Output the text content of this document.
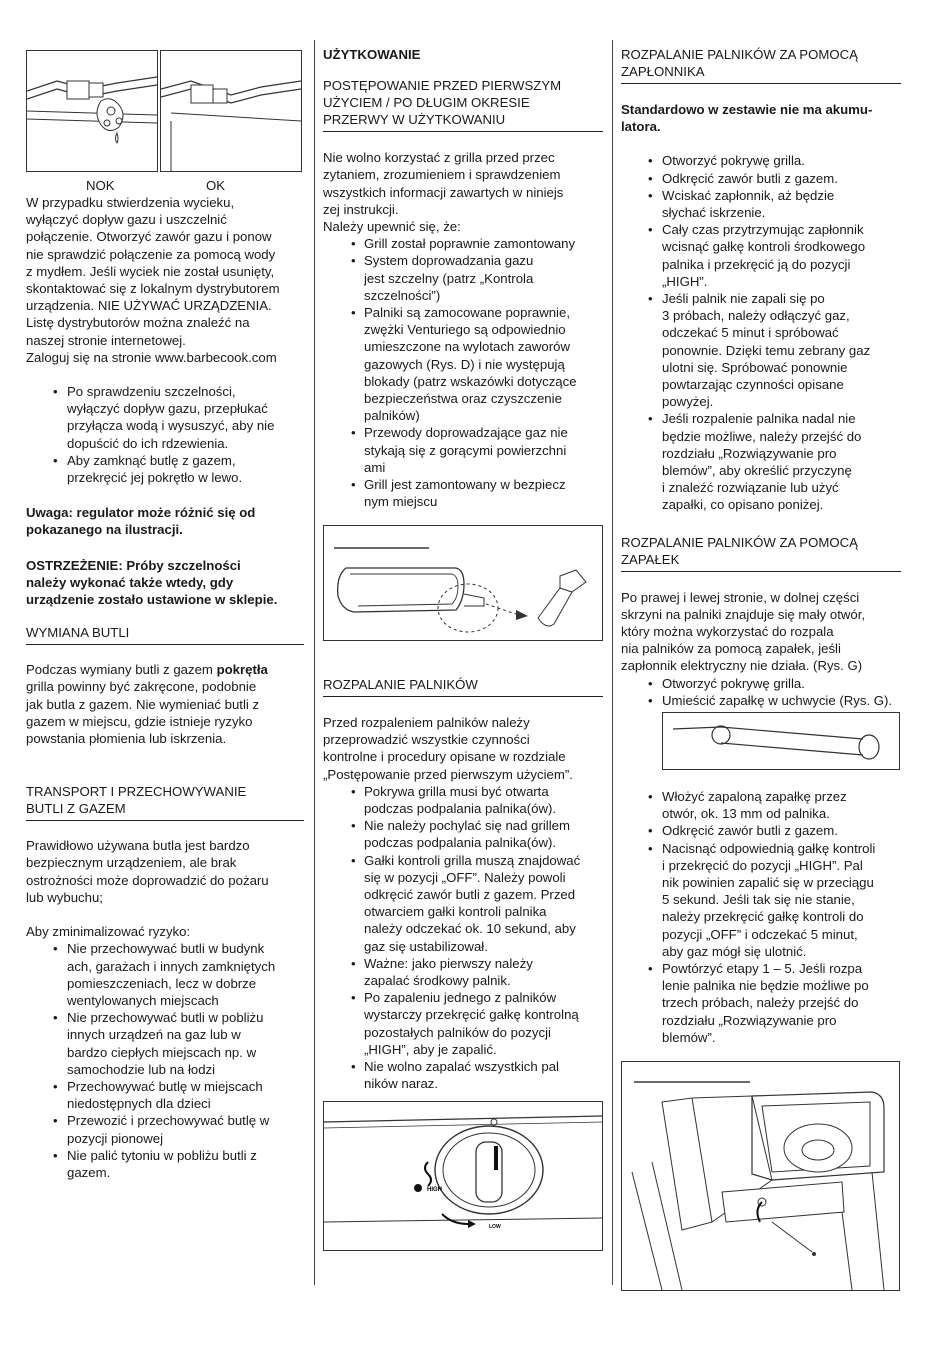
NOK	OK

W przypadku stwierdzenia wycieku,
wyłączyć dopływ gazu i uszczelnić
połączenie. Otworzyć zawór gazu i ponow
nie sprawdzić połączenie za pomocą wody
z mydłem. Jeśli wyciek nie został usunięty,
skontaktować się z lokalnym dystrybutorem
urządzenia. NIE UŻYWAĆ URZĄDZENIA.
Listę dystrybutorów można znaleźć na
naszej stronie internetowej.
Zaloguj się na stronie www.barbecook.com

• Po sprawdzeniu szczelności,
wyłączyć dopływ gazu, przepłukać
przyłącza wodą i wysuszyć, aby nie
dopuścić do ich rdzewienia.
• Aby zamknąć butlę z gazem,
przekręcić jej pokrętło w lewo.

Uwaga: regulator może różnić się od
pokazanego na ilustracji.

OSTRZEŻENIE: Próby szczelności
należy wykonać także wtedy, gdy
urządzenie zostało ustawione w sklepie.

WYMIANA BUTLI

Podczas wymiany butli z gazem pokrętła
grilla powinny być zakręcone, podobnie
jak butla z gazem. Nie wymieniać butli z
gazem w miejscu, gdzie istnieje ryzyko
powstania płomienia lub iskrzenia.

TRANSPORT I PRZECHOWYWANIE
BUTLI Z GAZEM

Prawidłowo używana butla jest bardzo
bezpiecznym urządzeniem, ale brak
ostrożności może doprowadzić do pożaru
lub wybuchu;

Aby zminimalizować ryzyko:

• Nie przechowywać butli w budynk
ach, garażach i innych zamkniętych
pomieszczeniach, lecz w dobrze
wentylowanych miejscach
• Nie przechowywać butli w pobliżu
innych urządzeń na gaz lub w
bardzo ciepłych miejscach np. w
samochodzie lub na łodzi
• Przechowywać butlę w miejscach
niedostępnych dla dzieci
• Przewozić i przechowywać butlę w
pozycji pionowej
• Nie palić tytoniu w pobliżu butli z
gazem.

UŻYTKOWANIE

POSTĘPOWANIE PRZED PIERWSZYM
UŻYCIEM / PO DŁUGIM OKRESIE
PRZERWY W UŻYTKOWANIU

Nie wolno korzystać z grilla przed przec
zytaniem, zrozumieniem i sprawdzeniem
wszystkich informacji zawartych w niniejs
zej instrukcji.
Należy upewnić się, że:

• Grill został poprawnie zamontowany
• System doprowadzania gazu
jest szczelny (patrz „Kontrola
szczelności”)
• Palniki są zamocowane poprawnie,
zwężki Venturiego są odpowiednio
umieszczone na wylotach zaworów
gazowych (Rys. D) i nie występują
blokady (patrz wskazówki dotyczące
bezpieczeństwa oraz czyszczenie
palników)
• Przewody doprowadzające gaz nie
stykają się z gorącymi powierzchni
ami
• Grill jest zamontowany w bezpiecz
nym miejscu
ROZPALANIE PALNIKÓW

Przed rozpaleniem palników należy
przeprowadzić wszystkie czynności
kontrolne i procedury opisane w rozdziale
„Postępowanie przed pierwszym użyciem”.

• Pokrywa grilla musi być otwarta
podczas podpalania palnika(ów).
• Nie należy pochylać się nad grillem
podczas podpalania palnika(ów).
• Gałki kontroli grilla muszą znajdować
się w pozycji „OFF”. Należy powoli
odkręcić zawór butli z gazem. Przed
otwarciem gałki kontroli palnika
należy odczekać ok. 10 sekund, aby
gaz się ustabilizował.
• Ważne: jako pierwszy należy
zapalać środkowy palnik.
• Po zapaleniu jednego z palników
wystarczy przekręcić gałkę kontrolną
pozostałych palników do pozycji
„HIGH”, aby je zapalić.
• Nie wolno zapalać wszystkich pal
ników naraz.
HIGH
LOW
ROZPALANIE PALNIKÓW ZA POMOCĄ
ZAPŁONNIKA

Standardowo w zestawie nie ma akumu-
latora.

• Otworzyć pokrywę grilla.
• Odkręcić zawór butli z gazem.
• Wciskać zapłonnik, aż będzie
słychać iskrzenie.
• Cały czas przytrzymując zapłonnik
wcisnąć gałkę kontroli środkowego
palnika i przekręcić ją do pozycji
„HIGH”.
• Jeśli palnik nie zapali się po
3 próbach, należy odłączyć gaz,
odczekać 5 minut i spróbować
ponownie. Dzięki temu zebrany gaz
ulotni się. Spróbować ponownie
powtarzając czynności opisane
powyżej.
• Jeśli rozpalenie palnika nadal nie
będzie możliwe, należy przejść do
rozdziału „Rozwiązywanie pro
blemów”, aby określić przyczynę
i znaleźć rozwiązanie lub użyć
zapałki, co opisano poniżej.
ROZPALANIE PALNIKÓW ZA POMOCĄ
ZAPAŁEK

Po prawej i lewej stronie, w dolnej części
skrzyni na palniki znajduje się mały otwór,
który można wykorzystać do rozpala
nia palników za pomocą zapałek, jeśli
zapłonnik elektryczny nie działa. (Rys. G)

• Otworzyć pokrywę grilla.
• Umieścić zapałkę w uchwycie (Rys. G).
• Włożyć zapaloną zapałkę przez
otwór, ok. 13 mm od palnika.
• Odkręcić zawór butli z gazem.
• Nacisnąć odpowiednią gałkę kontroli
i przekręcić do pozycji „HIGH”. Pal
nik powinien zapalić się w przeciągu
5 sekund. Jeśli tak się nie stanie,
należy przekręcić gałkę kontroli do
pozycji „OFF” i odczekać 5 minut,
aby gaz mógł się ulotnić.
• Powtórzyć etapy 1 – 5. Jeśli rozpa
lenie palnika nie będzie możliwe po
trzech próbach, należy przejść do
rozdziału „Rozwiązywanie pro
blemów”.
